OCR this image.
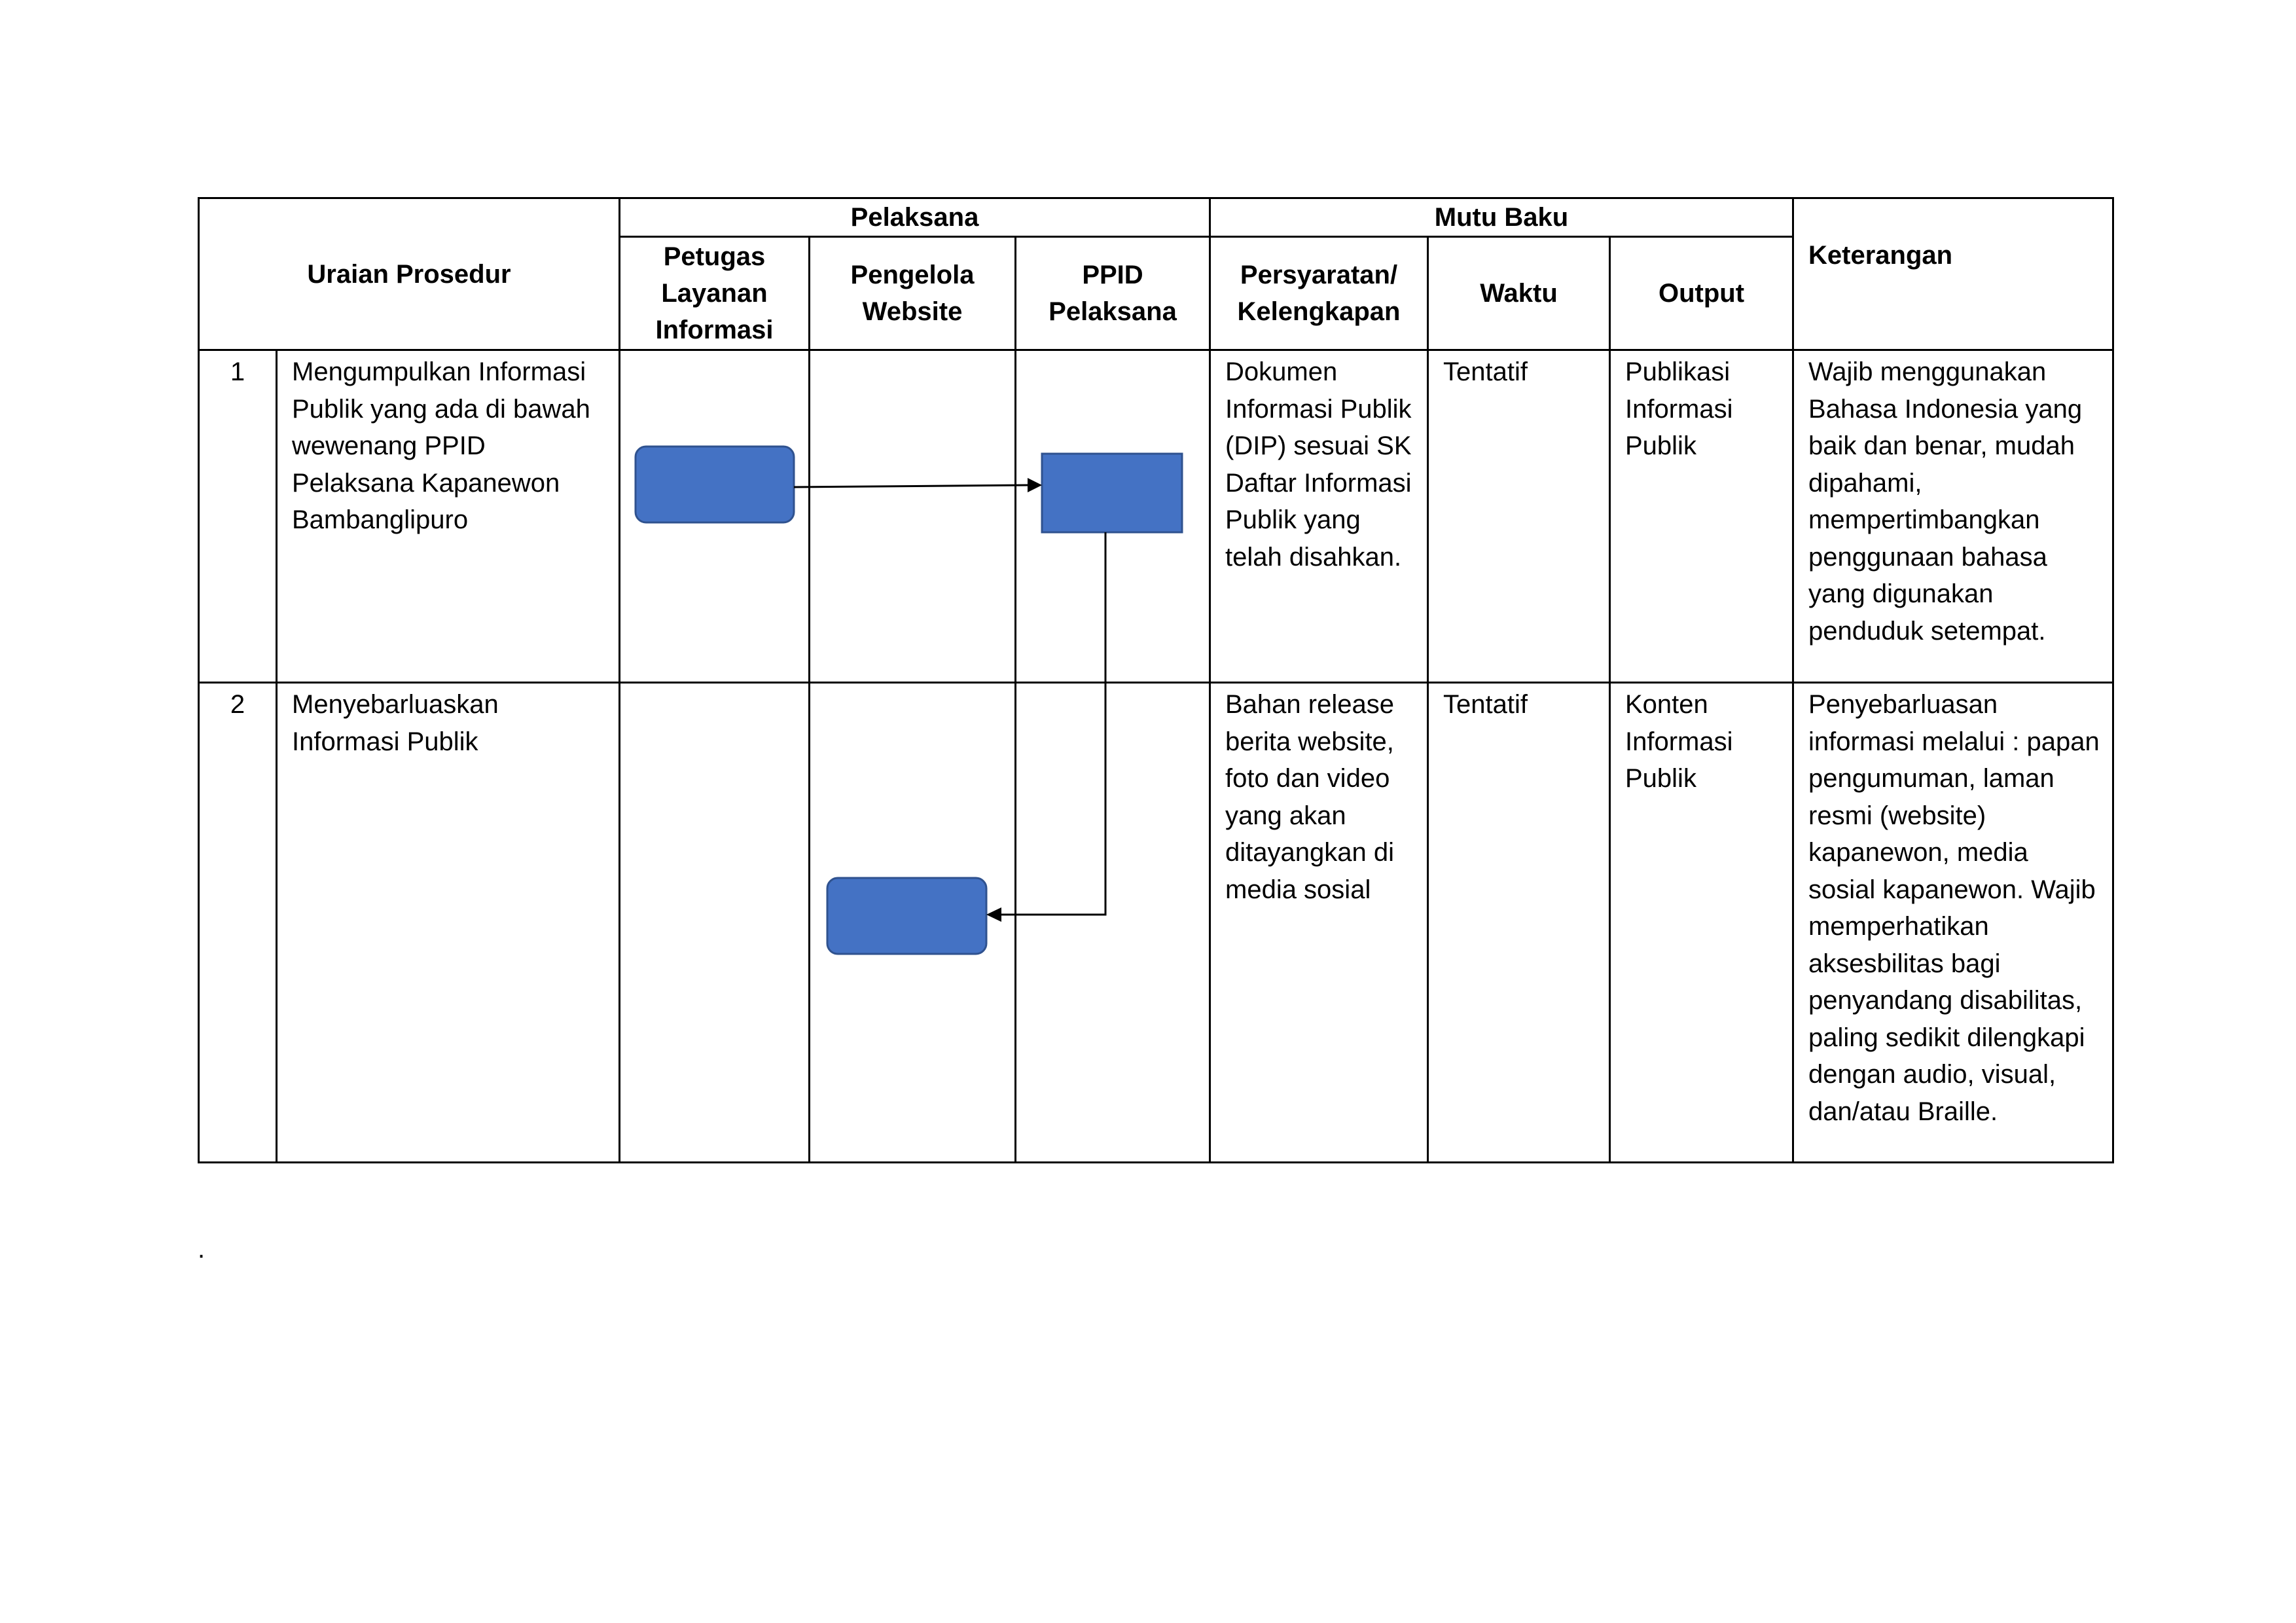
Uraian Prosedur		Pelaksana			Mutu Baku			Keterangan
		Petugas Layanan Informasi	Pengelola Website	PPID Pelaksana	Persyaratan/ Kelengkapan	Waktu	Output	
1	Mengumpulkan Informasi Publik yang ada di bawah wewenang PPID Pelaksana Kapanewon Bambanglipuro				Dokumen Informasi Publik (DIP) sesuai SK Daftar Informasi Publik yang telah disahkan.	Tentatif	Publikasi Informasi Publik	Wajib menggunakan Bahasa Indonesia yang baik dan benar, mudah dipahami, mempertimbangkan penggunaan bahasa yang digunakan penduduk setempat.
2	Menyebarluaskan Informasi Publik				Bahan release berita website, foto dan video yang akan ditayangkan di media sosial	Tentatif	Konten Informasi Publik	Penyebarluasan informasi melalui : papan pengumuman, laman resmi (website) kapanewon, media sosial kapanewon. Wajib memperhatikan aksesbilitas bagi penyandang disabilitas, paling sedikit dilengkapi dengan audio, visual, dan/atau Braille.
.
